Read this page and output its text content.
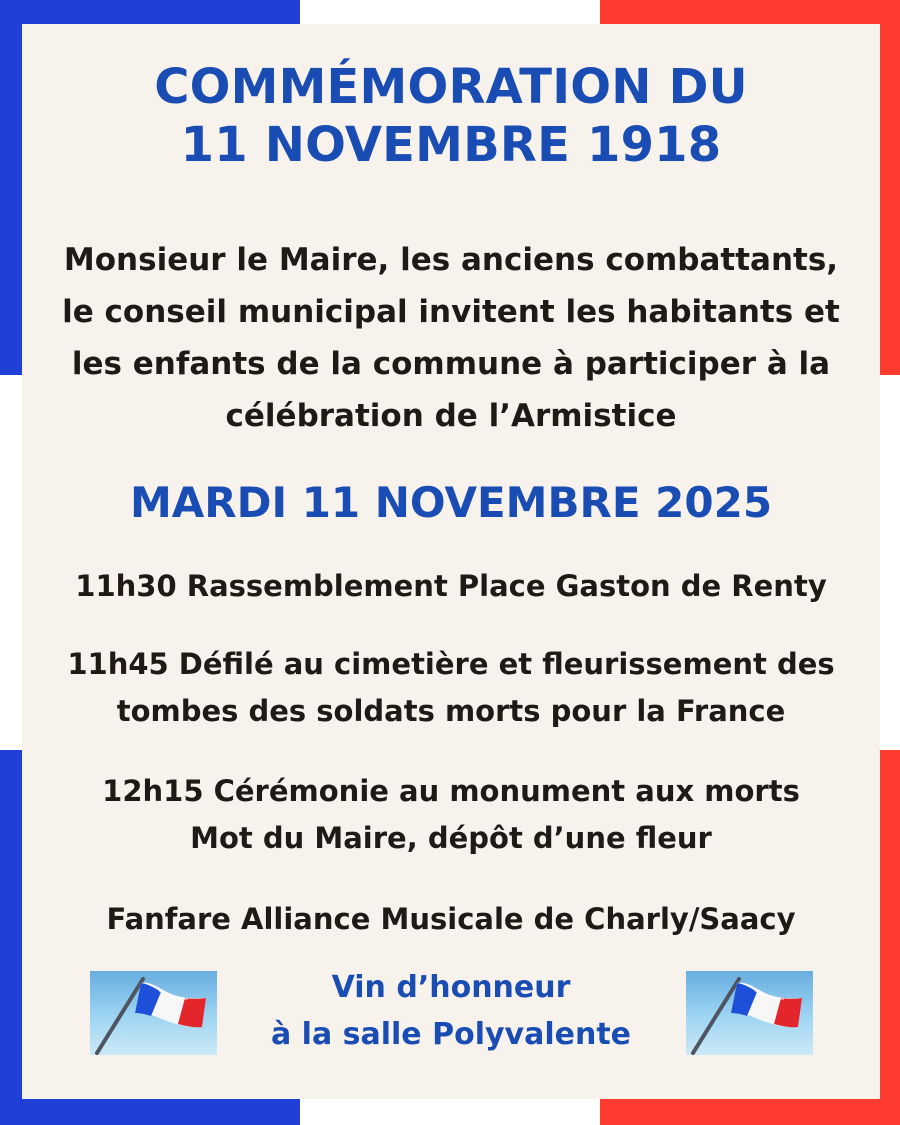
COMMÉMORATION DU
11 NOVEMBRE 1918
Monsieur le Maire, les anciens combattants,
le conseil municipal invitent les habitants et
les enfants de la commune à participer à la
célébration de l’Armistice
MARDI 11 NOVEMBRE 2025
11h30 Rassemblement Place Gaston de Renty
11h45 Défilé au cimetière et fleurissement des
tombes des soldats morts pour la France
12h15 Cérémonie au monument aux morts
Mot du Maire, dépôt d’une fleur
Fanfare Alliance Musicale de Charly/Saacy
Vin d’honneur
à la salle Polyvalente
